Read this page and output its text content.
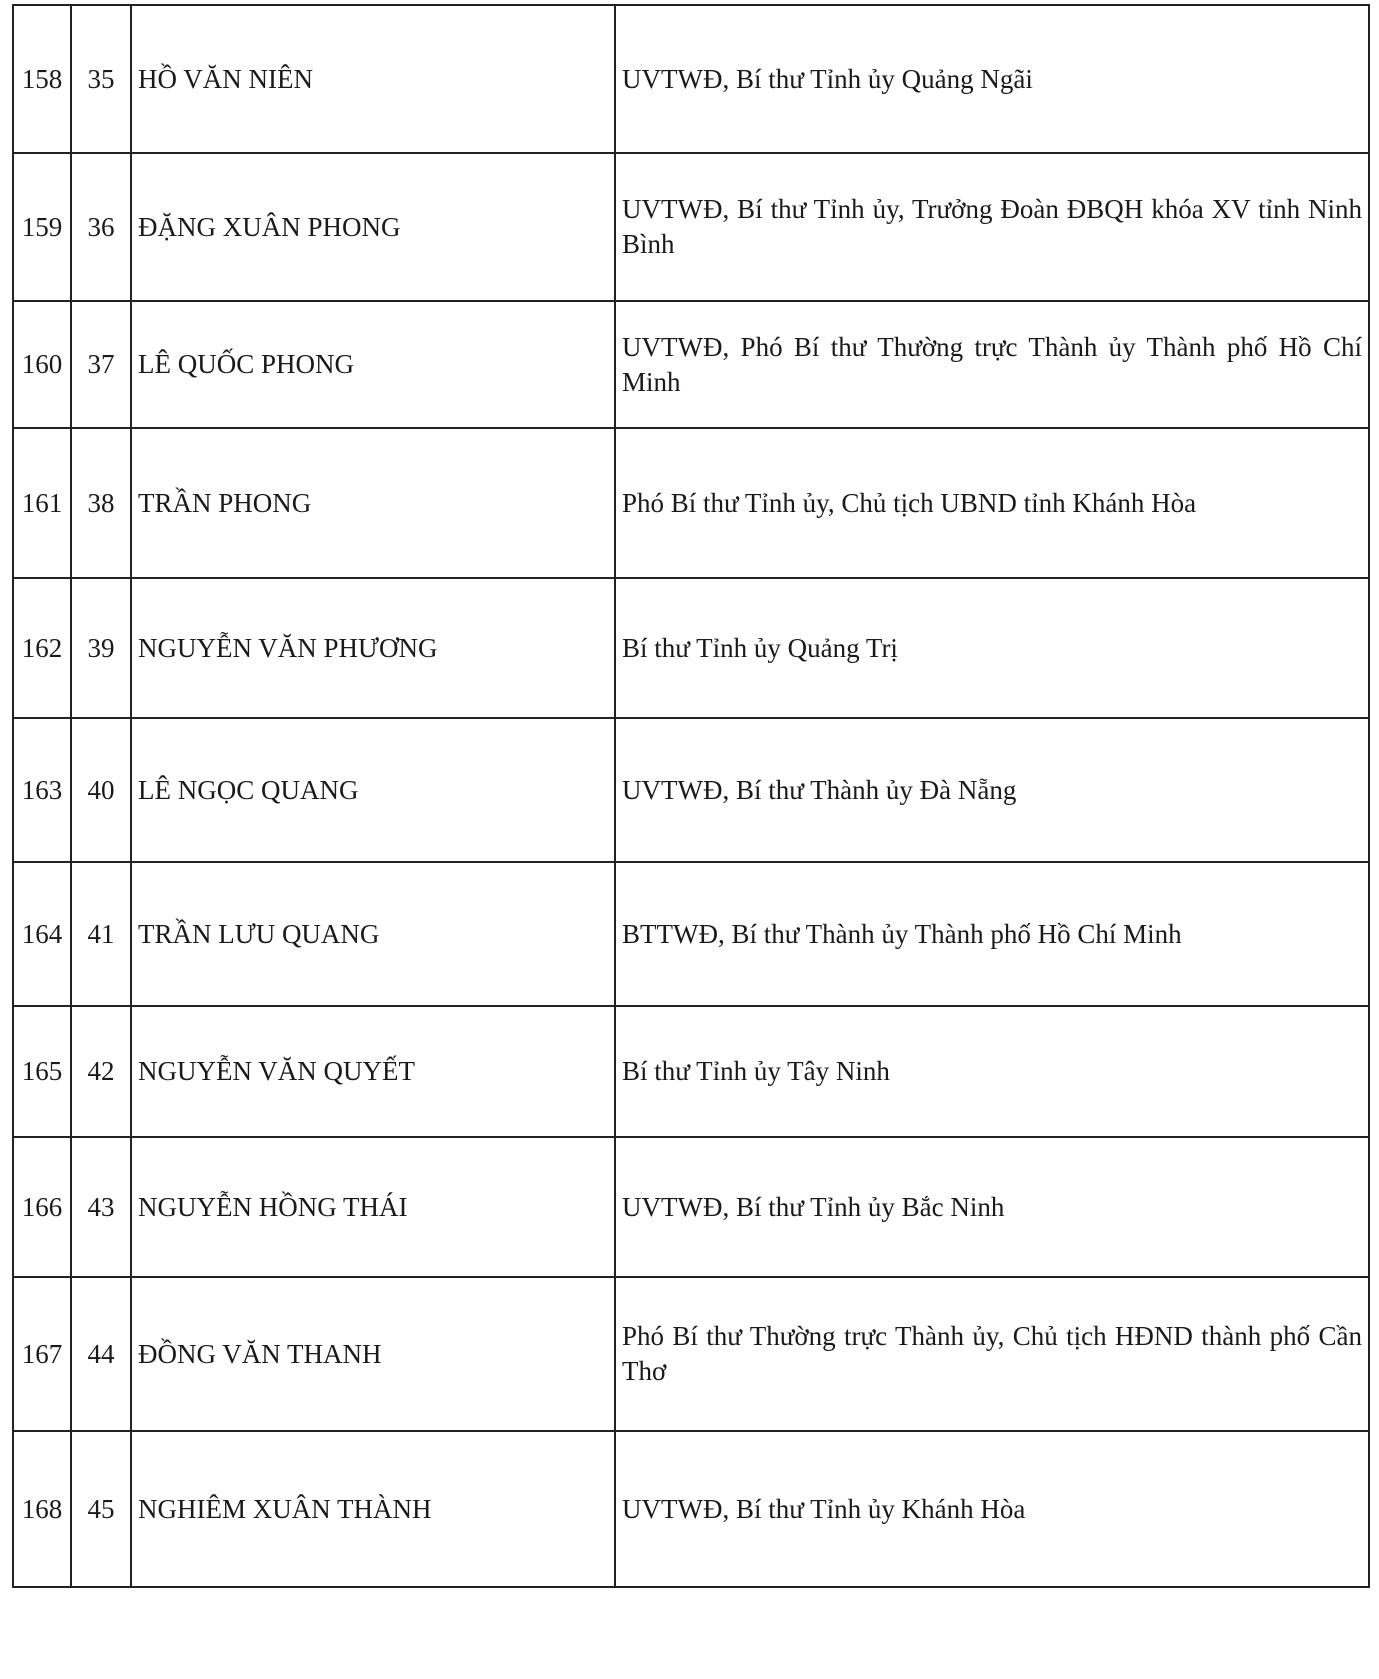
158	35	HỒ VĂN NIÊN	UVTWĐ, Bí thư Tỉnh ủy Quảng Ngãi
159	36	ĐẶNG XUÂN PHONG	UVTWĐ, Bí thư Tỉnh ủy, Trưởng Đoàn ĐBQH khóa XV tỉnh Ninh Bình
160	37	LÊ QUỐC PHONG	UVTWĐ, Phó Bí thư Thường trực Thành ủy Thành phố Hồ Chí Minh
161	38	TRẦN PHONG	Phó Bí thư Tỉnh ủy, Chủ tịch UBND tỉnh Khánh Hòa
162	39	NGUYỄN VĂN PHƯƠNG	Bí thư Tỉnh ủy Quảng Trị
163	40	LÊ NGỌC QUANG	UVTWĐ, Bí thư Thành ủy Đà Nẵng
164	41	TRẦN LƯU QUANG	BTTWĐ, Bí thư Thành ủy Thành phố Hồ Chí Minh
165	42	NGUYỄN VĂN QUYẾT	Bí thư Tỉnh ủy Tây Ninh
166	43	NGUYỄN HỒNG THÁI	UVTWĐ, Bí thư Tỉnh ủy Bắc Ninh
167	44	ĐỒNG VĂN THANH	Phó Bí thư Thường trực Thành ủy, Chủ tịch HĐND thành phố Cần Thơ
168	45	NGHIÊM XUÂN THÀNH	UVTWĐ, Bí thư Tỉnh ủy Khánh Hòa
